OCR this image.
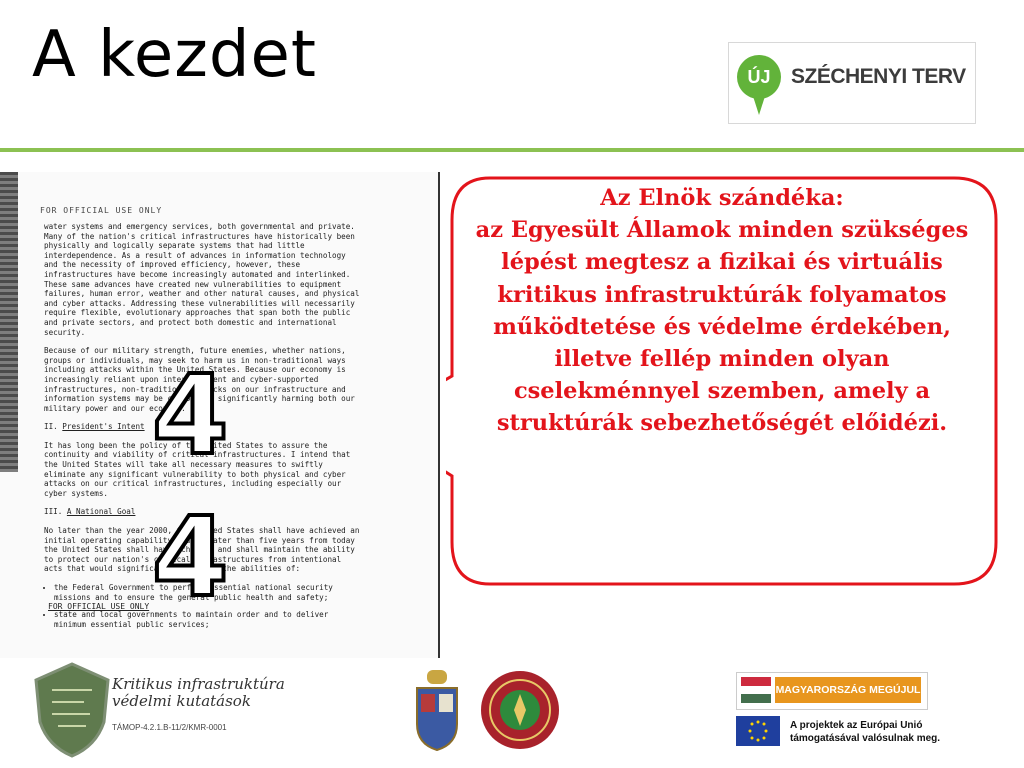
A kezdet	ÚJ SZÉCHENYI TERV
FOR OFFICIAL USE ONLY

water systems and emergency services, both governmental and private. Many of the nation's critical infrastructures have historically been physically and logically separate systems that had little interdependence. As a result of advances in information technology and the necessity of improved efficiency, however, these infrastructures have become increasingly automated and interlinked. These same advances have created new vulnerabilities to equipment failures, human error, weather and other natural causes, and physical and cyber attacks. Addressing these vulnerabilities will necessarily require flexible, evolutionary approaches that span both the public and private sectors, and protect both domestic and international security.

Because of our military strength, future enemies, whether nations, groups or individuals, may seek to harm us in non-traditional ways including attacks within the United States. Because our economy is increasingly reliant upon interdependent and cyber-supported infrastructures, non-traditional attacks on our infrastructure and information systems may be capable of significantly harming both our military power and our economy.

II. President's Intent

It has long been the policy of the United States to assure the continuity and viability of critical infrastructures. I intend that the United States will take all necessary measures to swiftly eliminate any significant vulnerability to both physical and cyber attacks on our critical infrastructures, including especially our cyber systems.

III. A National Goal

No later than the year 2000, the United States shall have achieved an initial operating capability and no later than five years from today the United States shall have achieved and shall maintain the ability to protect our nation's critical infrastructures from intentional acts that would significantly diminish the abilities of:

• the Federal Government to perform essential national security missions and to ensure the general public health and safety;
• state and local governments to maintain order and to deliver minimum essential public services;
FOR OFFICIAL USE ONLY
4
4
Az Elnök szándéka:
az Egyesült Államok minden szükséges lépést megtesz a fizikai és virtuális kritikus infrastruktúrák folyamatos működtetése és védelme érdekében, illetve fellép minden olyan cselekménnyel szemben, amely a struktúrák sebezhetőségét előidézi.
Kritikus infrastruktúra
védelmi kutatások
TÁMOP-4.2.1.B-11/2/KMR-0001
MAGYARORSZÁG MEGÚJUL
A projektek az Európai Unió
támogatásával valósulnak meg.
